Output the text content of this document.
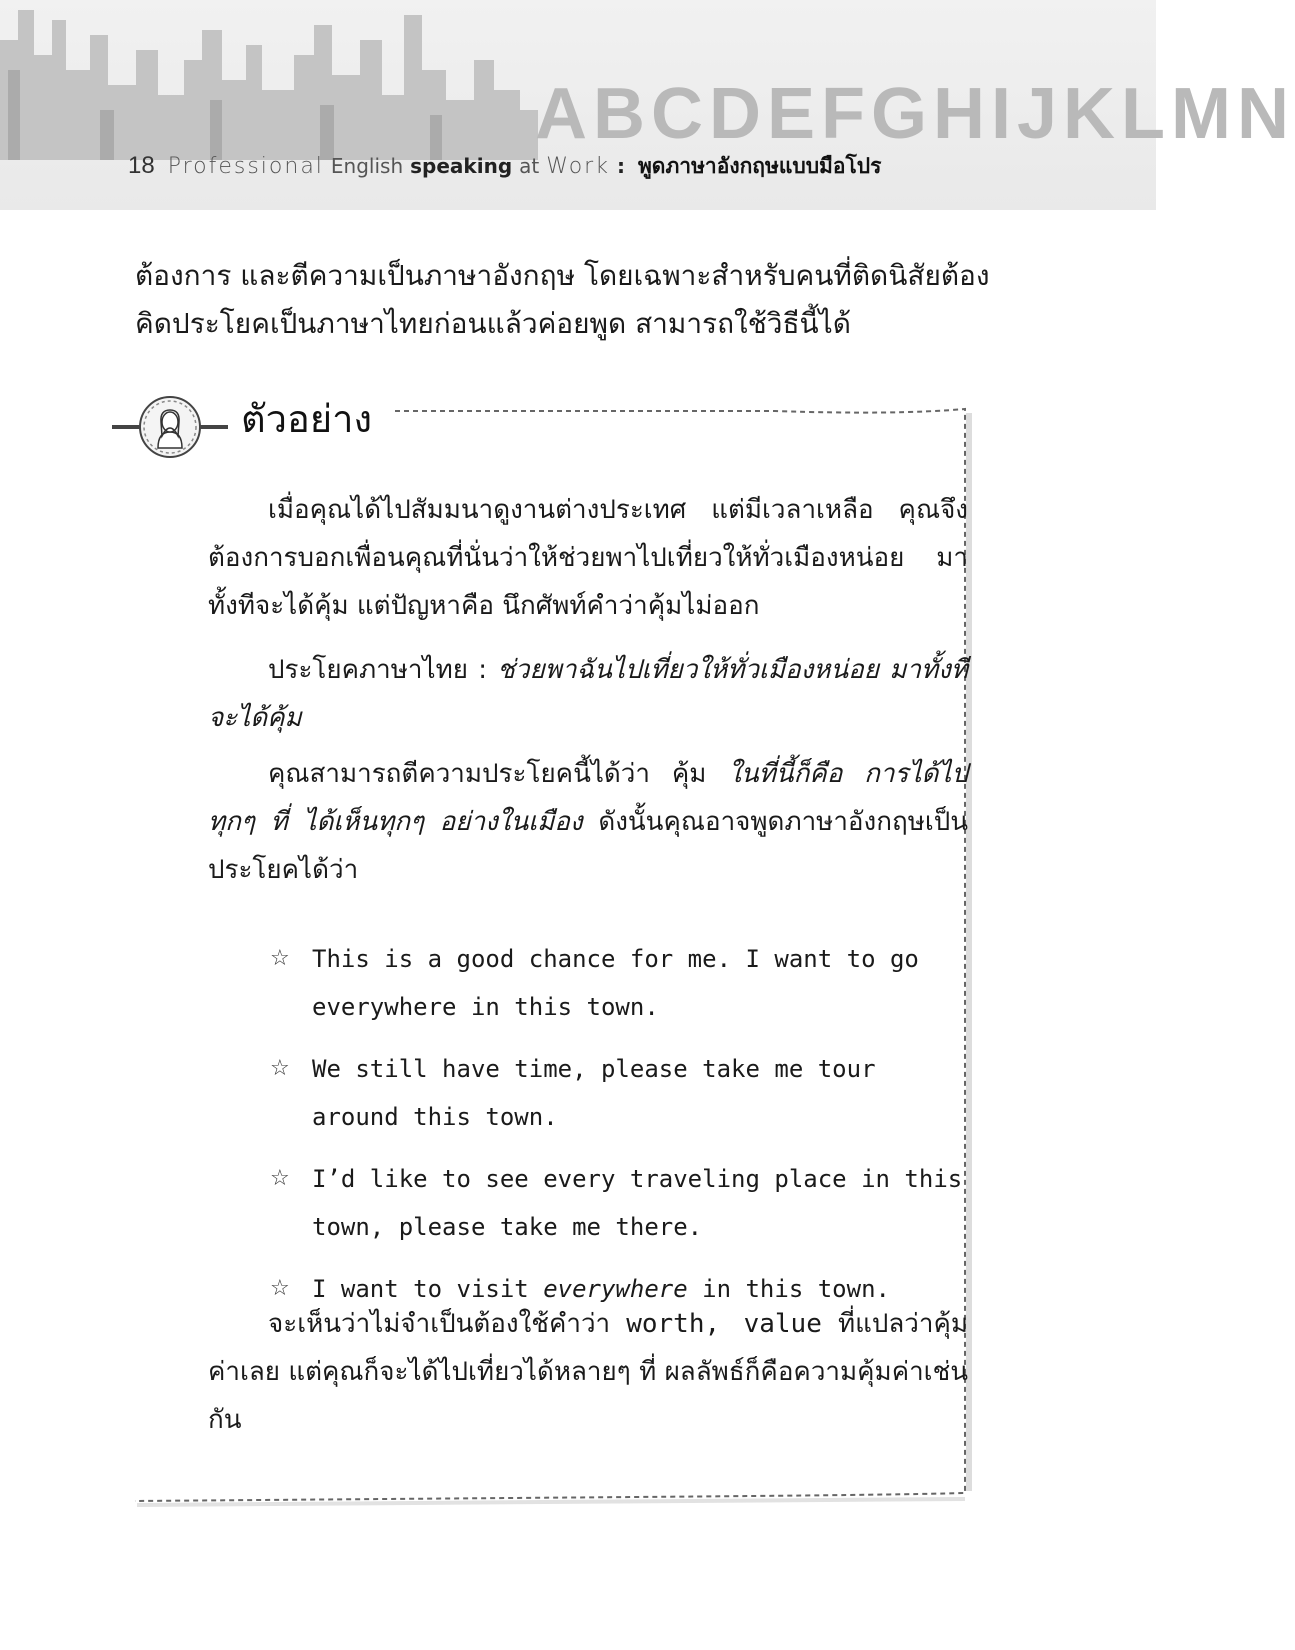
ABCDEFGHIJKLMN
18 Professional English speaking at Work : พูดภาษาอังกฤษแบบมือโปร

ต้องการ และตีความเป็นภาษาอังกฤษ โดยเฉพาะสำหรับคนที่ติดนิสัยต้องคิดประโยคเป็นภาษาไทยก่อนแล้วค่อยพูด สามารถใช้วิธีนี้ได้

ตัวอย่าง

เมื่อคุณได้ไปสัมมนาดูงานต่างประเทศ แต่มีเวลาเหลือ คุณจึงต้องการบอกเพื่อนคุณที่นั่นว่าให้ช่วยพาไปเที่ยวให้ทั่วเมืองหน่อย มาทั้งทีจะได้คุ้ม แต่ปัญหาคือ นึกศัพท์คำว่าคุ้มไม่ออก

ประโยคภาษาไทย : ช่วยพาฉันไปเที่ยวให้ทั่วเมืองหน่อย มาทั้งทีจะได้คุ้ม

คุณสามารถตีความประโยคนี้ได้ว่า คุ้ม ในที่นี้ก็คือ การได้ไปทุกๆ ที่ ได้เห็นทุกๆ อย่างในเมือง ดังนั้นคุณอาจพูดภาษาอังกฤษเป็นประโยคได้ว่า

☆ This is a good chance for me. I want to go everywhere in this town.
☆ We still have time, please take me tour around this town.
☆ I’d like to see every traveling place in this town, please take me there.
☆ I want to visit everywhere in this town.

จะเห็นว่าไม่จำเป็นต้องใช้คำว่า worth, value ที่แปลว่าคุ้มค่าเลย แต่คุณก็จะได้ไปเที่ยวได้หลายๆ ที่ ผลลัพธ์ก็คือความคุ้มค่าเช่นกัน
